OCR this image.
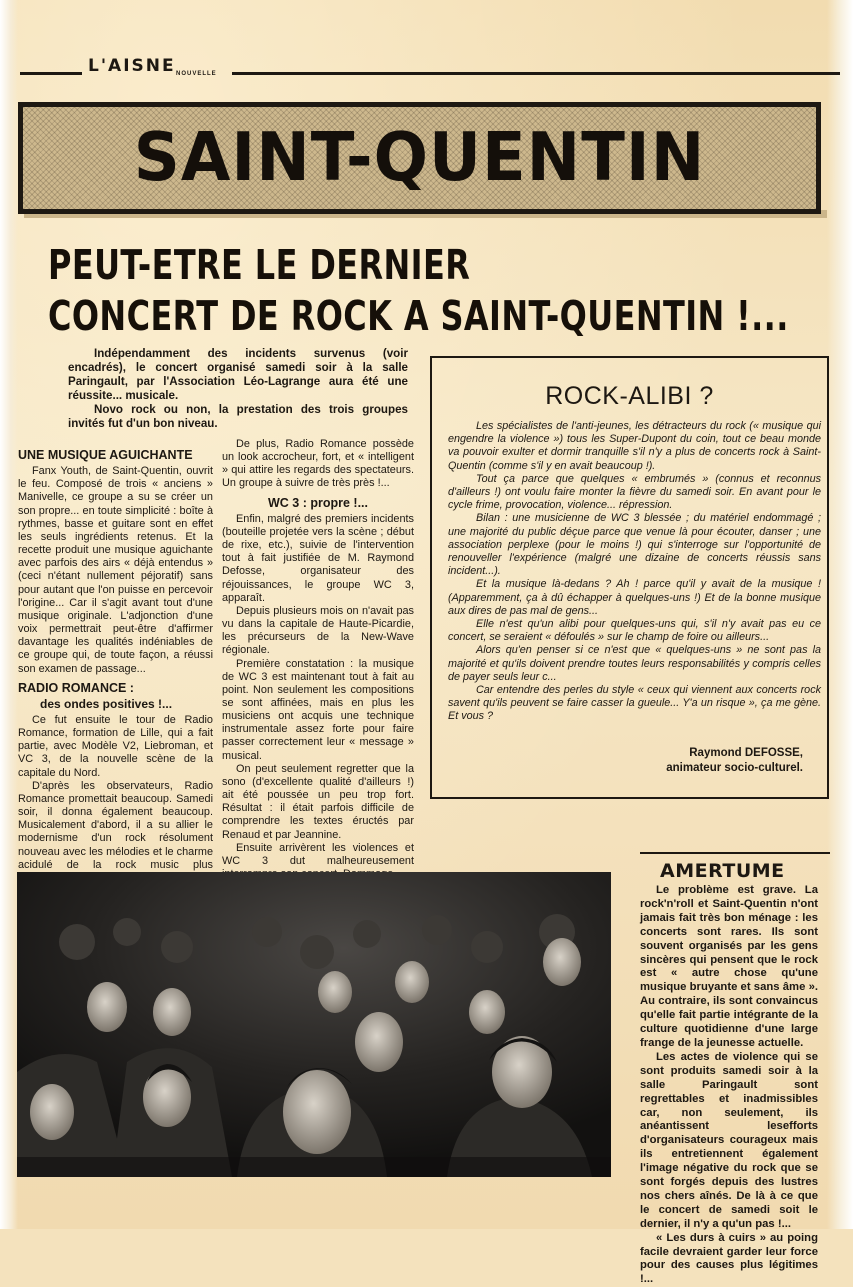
L'AISNE NOUVELLE
SAINT-QUENTIN
PEUT-ETRE LE DERNIER
CONCERT DE ROCK A SAINT-QUENTIN !...

Indépendamment des incidents survenus (voir encadrés), le concert organisé samedi soir à la salle Paringault, par l'Association Léo-Lagrange aura été une réussite... musicale.

Novo rock ou non, la prestation des trois groupes invités fut d'un bon niveau.

UNE MUSIQUE AGUICHANTE

Fanx Youth, de Saint-Quentin, ouvrit le feu. Composé de trois « anciens » Manivelle, ce groupe a su se créer un son propre... en toute simplicité : boîte à rythmes, basse et guitare sont en effet les seuls ingrédients retenus. Et la recette produit une musique aguichante avec parfois des airs « déjà entendus » (ceci n'étant nullement péjoratif) sans pour autant que l'on puisse en percevoir l'origine... Car il s'agit avant tout d'une musique originale. L'adjonction d'une voix permettrait peut-être d'affirmer davantage les qualités indéniables de ce groupe qui, de toute façon, a réussi son examen de passage...

RADIO ROMANCE :
des ondes positives !...

Ce fut ensuite le tour de Radio Romance, formation de Lille, qui a fait partie, avec Modèle V2, Liebroman, et VC 3, de la nouvelle scène de la capitale du Nord.

D'après les observateurs, Radio Romance promettait beaucoup. Samedi soir, il donna également beaucoup. Musicalement d'abord, il a su allier le modernisme d'un rock résolument nouveau avec les mélodies et le charme acidulé de la rock music plus

De plus, Radio Romance possède un look accrocheur, fort, et « intelligent » qui attire les regards des spectateurs. Un groupe à suivre de très près !...

WC 3 : propre !...

Enfin, malgré des premiers incidents (bouteille projetée vers la scène ; début de rixe, etc.), suivie de l'intervention tout à fait justifiée de M. Raymond Defosse, organisateur des réjouissances, le groupe WC 3, apparaît.

Depuis plusieurs mois on n'avait pas vu dans la capitale de Haute-Picardie, les précurseurs de la New-Wave régionale.

Première constatation : la musique de WC 3 est maintenant tout à fait au point. Non seulement les compositions se sont affinées, mais en plus les musiciens ont acquis une technique instrumentale assez forte pour faire passer correctement leur « message » musical.

On peut seulement regretter que la sono (d'excellente qualité d'ailleurs !) ait été poussée un peu trop fort. Résultat : il était parfois difficile de comprendre les textes éructés par Renaud et par Jeannine.

Ensuite arrivèrent les violences et WC 3 dut malheureusement

ROCK-ALIBI ?

Les spécialistes de l'anti-jeunes, les détracteurs du rock (« musique qui engendre la violence ») tous les Super-Dupont du coin, tout ce beau monde va pouvoir exulter et dormir tranquille s'il n'y a plus de concerts rock à Saint-Quentin (comme s'il y en avait beaucoup !).

Tout ça parce que quelques « embrumés » (connus et reconnus d'ailleurs !) ont voulu faire monter la fièvre du samedi soir. En avant pour le cycle frime, provocation, violence... répression.

Bilan : une musicienne de WC 3 blessée ; du matériel endommagé ; une majorité du public déçue parce que venue là pour écouter, danser ; une association perplexe (pour le moins !) qui s'interroge sur l'opportunité de renouveller l'expérience (malgré une dizaine de concerts réussis sans incident...).

Et la musique là-dedans ? Ah ! parce qu'il y avait de la musique ! (Apparemment, ça à dû échapper à quelques-uns !) Et de la bonne musique aux dires de pas mal de gens...

Elle n'est qu'un alibi pour quelques-uns qui, s'il n'y avait pas eu ce concert, se seraient « défoulés » sur le champ de foire ou ailleurs...

Alors qu'en penser si ce n'est que « quelques-uns » ne sont pas la majorité et qu'ils doivent prendre toutes leurs responsabilités y compris celles de payer seuls leur c...

Car entendre des perles du style « ceux qui viennent aux concerts rock savent qu'ils peuvent se faire casser la gueule... Y'a un risque », ça me gène. Et vous ?

Raymond DEFOSSE,
animateur socio-culturel.
AMERTUME

Le problème est grave. La rock'n'roll et Saint-Quentin n'ont jamais fait très bon ménage : les concerts sont rares. Ils sont souvent organisés par les gens sincères qui pensent que le rock est « autre chose qu'une musique bruyante et sans âme ». Au contraire, ils sont convaincus qu'elle fait partie intégrante de la culture quotidienne d'une large frange de la jeunesse actuelle.

Les actes de violence qui se sont produits samedi soir à la salle Paringault sont regrettables et inadmissibles car, non seulement, ils anéantissent lesefforts d'organisateurs courageux mais ils entretiennent également l'image négative du rock que se sont forgés depuis des lustres nos chers aînés. De là à ce que le concert de samedi soit le dernier, il n'y a qu'un pas !...

« Les durs à cuirs » au poing facile devraient garder leur force pour des causes plus légitimes !...
